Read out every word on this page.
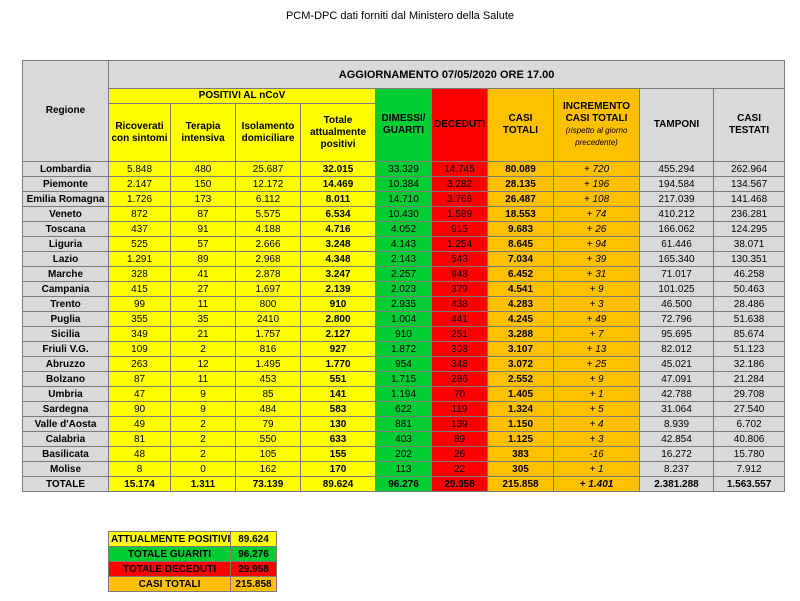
PCM-DPC dati forniti dal Ministero della Salute
Regione	AGGIORNAMENTO 07/05/2020 ORE 17.00									
	POSITIVI AL nCoV				DIMESSI/ GUARITI	DECEDUTI	CASI TOTALI	INCREMENTO CASI TOTALI
(rispetto al giorno precedente)	TAMPONI	CASI TESTATI
	Ricoverati con sintomi	Terapia intensiva	Isolamento domiciliare	Totale attualmente positivi						
Lombardia	5.848	480	25.687	32.015	33.329	14.745	80.089	+ 720	455.294	262.964
Piemonte	2.147	150	12.172	14.469	10.384	3.282	28.135	+ 196	194.584	134.567
Emilia Romagna	1.726	173	6.112	8.011	14.710	3.766	26.487	+ 108	217.039	141.468
Veneto	872	87	5.575	6.534	10.430	1.589	18.553	+ 74	410.212	236.281
Toscana	437	91	4.188	4.716	4.052	915	9.683	+ 26	166.062	124.295
Liguria	525	57	2.666	3.248	4.143	1.254	8.645	+ 94	61.446	38.071
Lazio	1.291	89	2.968	4.348	2.143	543	7.034	+ 39	165.340	130.351
Marche	328	41	2.878	3.247	2.257	948	6.452	+ 31	71.017	46.258
Campania	415	27	1.697	2.139	2.023	379	4.541	+ 9	101.025	50.463
Trento	99	11	800	910	2.935	438	4.283	+ 3	46.500	28.486
Puglia	355	35	2410	2.800	1.004	441	4.245	+ 49	72.796	51.638
Sicilia	349	21	1.757	2.127	910	251	3.288	+ 7	95.695	85.674
Friuli V.G.	109	2	816	927	1.872	308	3.107	+ 13	82.012	51.123
Abruzzo	263	12	1.495	1.770	954	348	3.072	+ 25	45.021	32.186
Bolzano	87	11	453	551	1.715	286	2.552	+ 9	47.091	21.284
Umbria	47	9	85	141	1.194	70	1.405	+ 1	42.788	29.708
Sardegna	90	9	484	583	622	119	1.324	+ 5	31.064	27.540
Valle d'Aosta	49	2	79	130	881	139	1.150	+ 4	8.939	6.702
Calabria	81	2	550	633	403	89	1.125	+ 3	42.854	40.806
Basilicata	48	2	105	155	202	26	383	-16	16.272	15.780
Molise	8	0	162	170	113	22	305	+ 1	8.237	7.912
TOTALE	15.174	1.311	73.139	89.624	96.276	29.958	215.858	+ 1.401	2.381.288	1.563.557
ATTUALMENTE POSITIVI	89.624
TOTALE GUARITI	96.276
TOTALE DECEDUTI	29.958
CASI TOTALI	215.858
